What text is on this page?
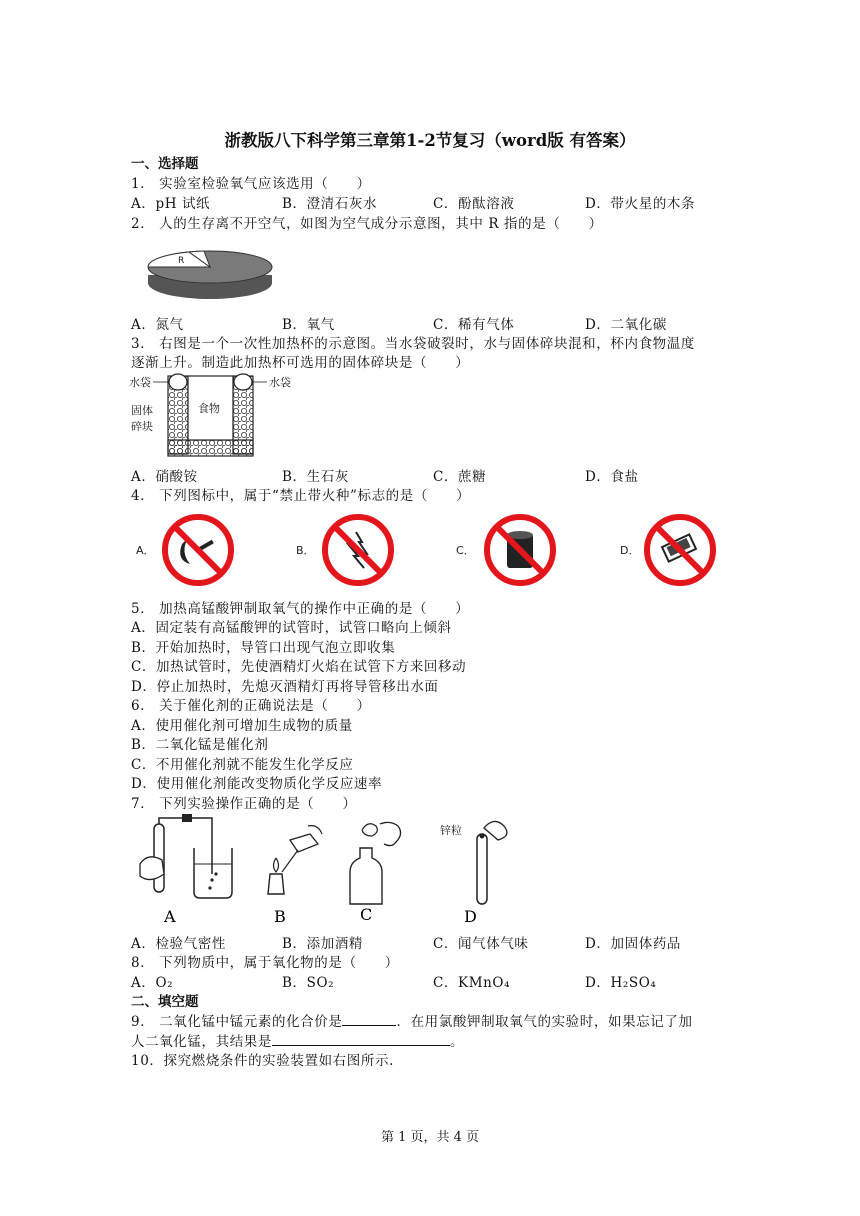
浙教版八下科学第三章第1-2节复习（word版 有答案）
一、选择题
1． 实验室检验氧气应该选用（　　）
A．pH 试纸	B．澄清石灰水	C．酚酞溶液	D．带火星的木条
2． 人的生存离不开空气，如图为空气成分示意图，其中 R 指的是（　　）
R
A．氮气	B．氧气	C．稀有气体	D．二氧化碳
3． 右图是一个一次性加热杯的示意图。当水袋破裂时，水与固体碎块混和，杯内食物温度
逐渐上升。制造此加热杯可选用的固体碎块是（　　）
水袋	水袋
食物
固体
碎块
A．硝酸铵	B．生石灰	C．蔗糖	D．食盐
4． 下列图标中，属于“禁止带火种”标志的是（　　）
A．	B．	C．	D．
5． 加热高锰酸钾制取氧气的操作中正确的是（　　）
A．固定装有高锰酸钾的试管时，试管口略向上倾斜
B．开始加热时，导管口出现气泡立即收集
C．加热试管时，先使酒精灯火焰在试管下方来回移动
D．停止加热时，先熄灭酒精灯再将导管移出水面
6． 关于催化剂的正确说法是（　　）
A．使用催化剂可增加生成物的质量
B．二氧化锰是催化剂
C．不用催化剂就不能发生化学反应
D．使用催化剂能改变物质化学反应速率
7． 下列实验操作正确的是（　　）
A	B	C
锌粒
D
A．检验气密性	B．添加酒精	C．闻气体气味	D．加固体药品
8． 下列物质中，属于氧化物的是（　　）
A．O₂	B．SO₂	C．KMnO₄	D．H₂SO₄
二、填空题
9． 二氧化锰中锰元素的化合价是	．在用氯酸钾制取氧气的实验时，如果忘记了加
人二氧化锰，其结果是	。
10．探究燃烧条件的实验装置如右图所示.
第 1 页，共 4 页
